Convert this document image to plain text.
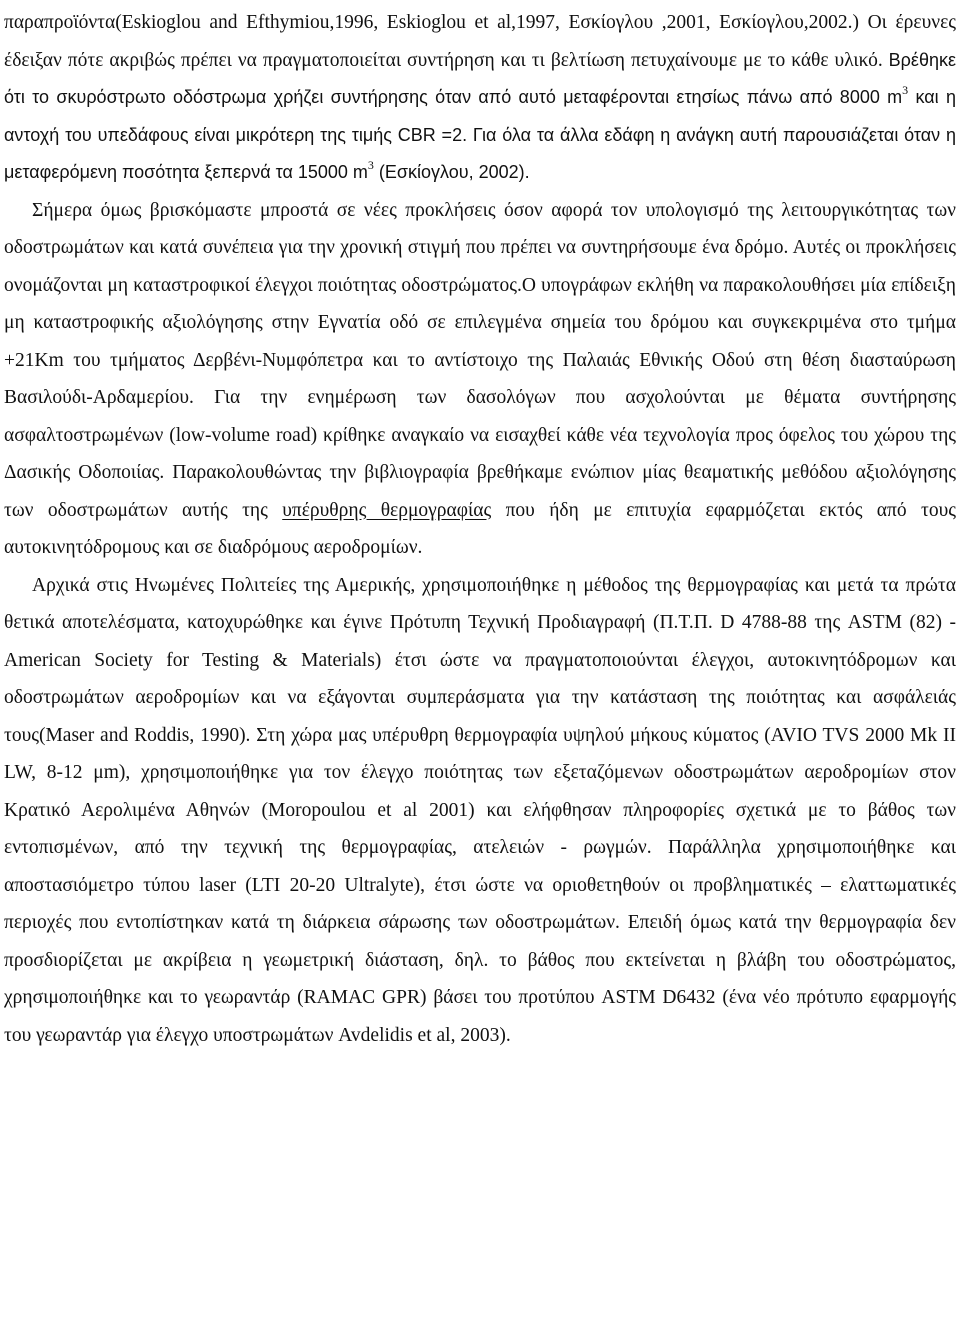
παραπροϊόντα(Eskioglou and Efthymiou,1996, Eskioglou et al,1997, Εσκίογλου ,2001, Εσκίογλου,2002.) Οι έρευνες έδειξαν πότε ακριβώς πρέπει να πραγματοποιείται συντήρηση και τι βελτίωση πετυχαίνουμε με το κάθε υλικό. Βρέθηκε ότι το σκυρόστρωτο οδόστρωμα χρήζει συντήρησης όταν από αυτό μεταφέρονται ετησίως πάνω από 8000 $m^3$ και η αντοχή του υπεδάφους είναι μικρότερη της τιμής CBR =2. Για όλα τα άλλα εδάφη η ανάγκη αυτή παρουσιάζεται όταν η μεταφερόμενη ποσότητα ξεπερνά τα 15000 $m^3$ (Εσκίογλου, 2002).

Σήμερα όμως βρισκόμαστε μπροστά σε νέες προκλήσεις όσον αφορά τον υπολογισμό της λειτουργικότητας των οδοστρωμάτων και κατά συνέπεια για την χρονική στιγμή που πρέπει να συντηρήσουμε ένα δρόμο. Αυτές οι προκλήσεις ονομάζονται μη καταστροφικοί έλεγχοι ποιότητας οδοστρώματος.Ο υπογράφων εκλήθη να παρακολουθήσει μία επίδειξη μη καταστροφικής αξιολόγησης στην Εγνατία οδό σε επιλεγμένα σημεία του δρόμου και συγκεκριμένα στο τμήμα +21Km του τμήματος Δερβένι-Νυμφόπετρα και το αντίστοιχο της Παλαιάς Εθνικής Οδού στη θέση διασταύρωση Βασιλούδι-Αρδαμερίου. Για την ενημέρωση των δασολόγων που ασχολούνται με θέματα συντήρησης ασφαλτοστρωμένων (low-volume road) κρίθηκε αναγκαίο να εισαχθεί κάθε νέα τεχνολογία προς όφελος του χώρου της Δασικής Οδοποιίας. Παρακολουθώντας την βιβλιογραφία βρεθήκαμε ενώπιον μίας θεαματικής μεθόδου αξιολόγησης των οδοστρωμάτων αυτής της υπέρυθρης θερμογραφίας που ήδη με επιτυχία εφαρμόζεται εκτός από τους αυτοκινητόδρομους και σε διαδρόμους αεροδρομίων.

Αρχικά στις Ηνωμένες Πολιτείες της Αμερικής, χρησιμοποιήθηκε η μέθοδος της θερμογραφίας και μετά τα πρώτα θετικά αποτελέσματα, κατοχυρώθηκε και έγινε Πρότυπη Τεχνική Προδιαγραφή (Π.Τ.Π. D 4788-88 της ASTM (82) - American Society for Testing & Materials) έτσι ώστε να πραγματοποιούνται έλεγχοι, αυτοκινητόδρομων και οδοστρωμάτων αεροδρομίων και να εξάγονται συμπεράσματα για την κατάσταση της ποιότητας και ασφάλειάς τους(Maser and Roddis, 1990). Στη χώρα μας υπέρυθρη θερμογραφία υψηλού μήκους κύματος (AVIO TVS 2000 Mk II LW, 8-12 μm), χρησιμοποιήθηκε για τον έλεγχο ποιότητας των εξεταζόμενων οδοστρωμάτων αεροδρομίων στον Κρατικό Αερολιμένα Αθηνών (Moropoulou et al 2001) και ελήφθησαν πληροφορίες σχετικά με το βάθος των εντοπισμένων, από την τεχνική της θερμογραφίας, ατελειών - ρωγμών. Παράλληλα χρησιμοποιήθηκε και αποστασιόμετρο τύπου laser (LTI 20-20 Ultralyte), έτσι ώστε να οριοθετηθούν οι προβληματικές – ελαττωματικές περιοχές που εντοπίστηκαν κατά τη διάρκεια σάρωσης των οδοστρωμάτων. Επειδή όμως κατά την θερμογραφία δεν προσδιορίζεται με ακρίβεια η γεωμετρική διάσταση, δηλ. το βάθος που εκτείνεται η βλάβη του οδοστρώματος, χρησιμοποιήθηκε και το γεωραντάρ (RAMAC GPR) βάσει του προτύπου ASTM D6432 (ένα νέο πρότυπο εφαρμογής του γεωραντάρ για έλεγχο υποστρωμάτων Avdelidis et al, 2003).
